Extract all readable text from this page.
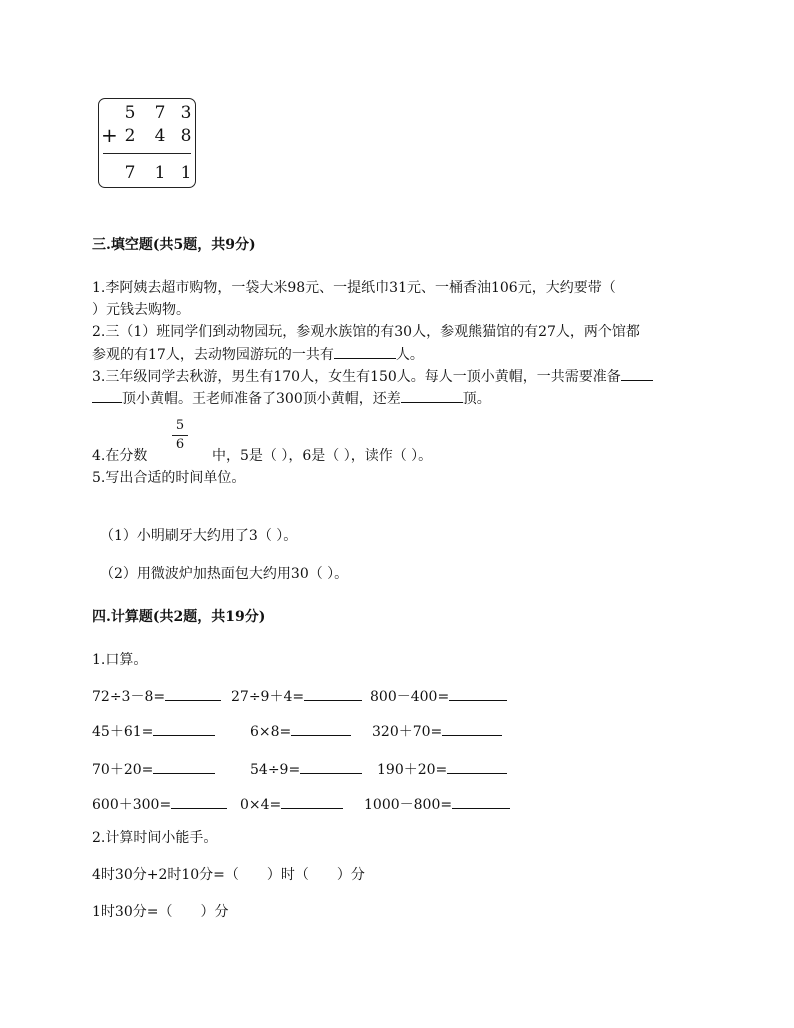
5 7 3
+ 2 4 8
7 1 1
三.填空题(共5题，共9分)
1.李阿姨去超市购物，一袋大米98元、一提纸巾31元、一桶香油106元，大约要带（
）元钱去购物。
2.三（1）班同学们到动物园玩，参观水族馆的有30人，参观熊猫馆的有27人，两个馆都
参观的有17人，去动物园游玩的一共有	人。
3.三年级同学去秋游，男生有170人，女生有150人。每人一顶小黄帽，一共需要准备
顶小黄帽。王老师准备了300顶小黄帽，还差	顶。
5
6
4.在分数	中，5是（ ），6是（ ），读作（ ）。
5.写出合适的时间单位。
（1）小明刷牙大约用了3（ ）。
（2）用微波炉加热面包大约用30（ ）。
四.计算题(共2题，共19分)
1.口算。
72÷3－8=	27÷9＋4=	800－400=
45＋61=	6×8=	320＋70=
70＋20=	54÷9=	190＋20=
600＋300=	0×4=	1000－800=
2.计算时间小能手。
4时30分+2时10分=（　　）时（　　）分
1时30分=（　　）分
